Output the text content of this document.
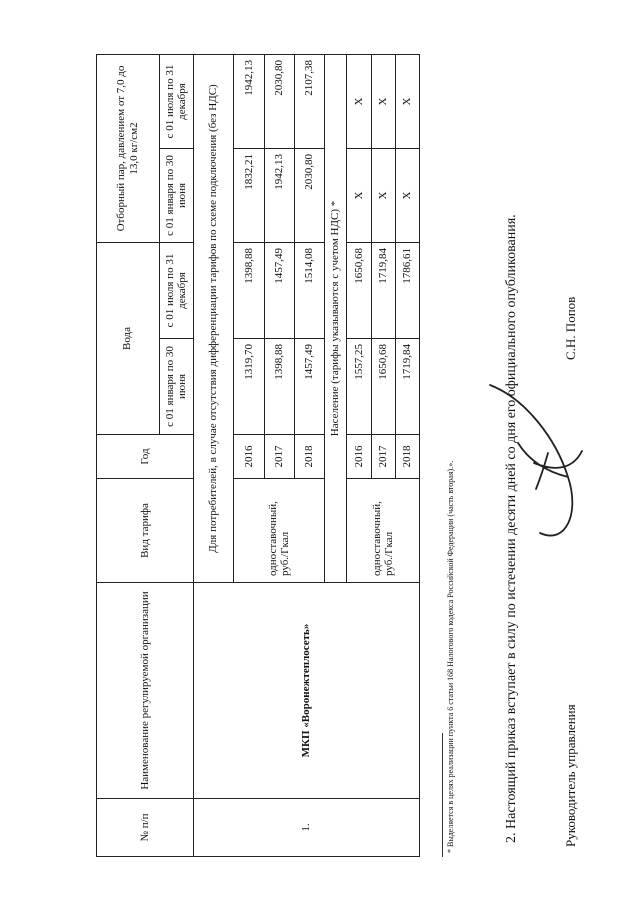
№ п/п	Наименование регулируемой организации	Вид тарифа	Год	Вода		Отборный пар, давлением от 7,0 до 13,0 кг/см2	
				с 01 января по 30 июня	с 01 июля по 31 декабря	с 01 января по 30 июня	с 01 июля по 31 декабря
1.	МКП «Воронежтеплосеть»	Для потребителей, в случае отсутствия дифференциации тарифов по схеме подключения (без НДС)					
		одноставочный, руб./Гкал	2016	1319,70	1398,88	1832,21	1942,13
			2017	1398,88	1457,49	1942,13	2030,80
			2018	1457,49	1514,08	2030,80	2107,38
		Население (тарифы указываются с учетом НДС) *					
		одноставочный, руб./Гкал	2016	1557,25	1650,68	X	X
			2017	1650,68	1719,84	X	X
			2018	1719,84	1786,61	X	X
* Выделяется в целях реализации пункта 6 статьи 168 Налогового кодекса Российской Федерации (часть вторая).».	2. Настоящий приказ вступает в силу по истечении десяти дней со дня его официального опубликования.	Руководитель управления
С.Н. Попов
